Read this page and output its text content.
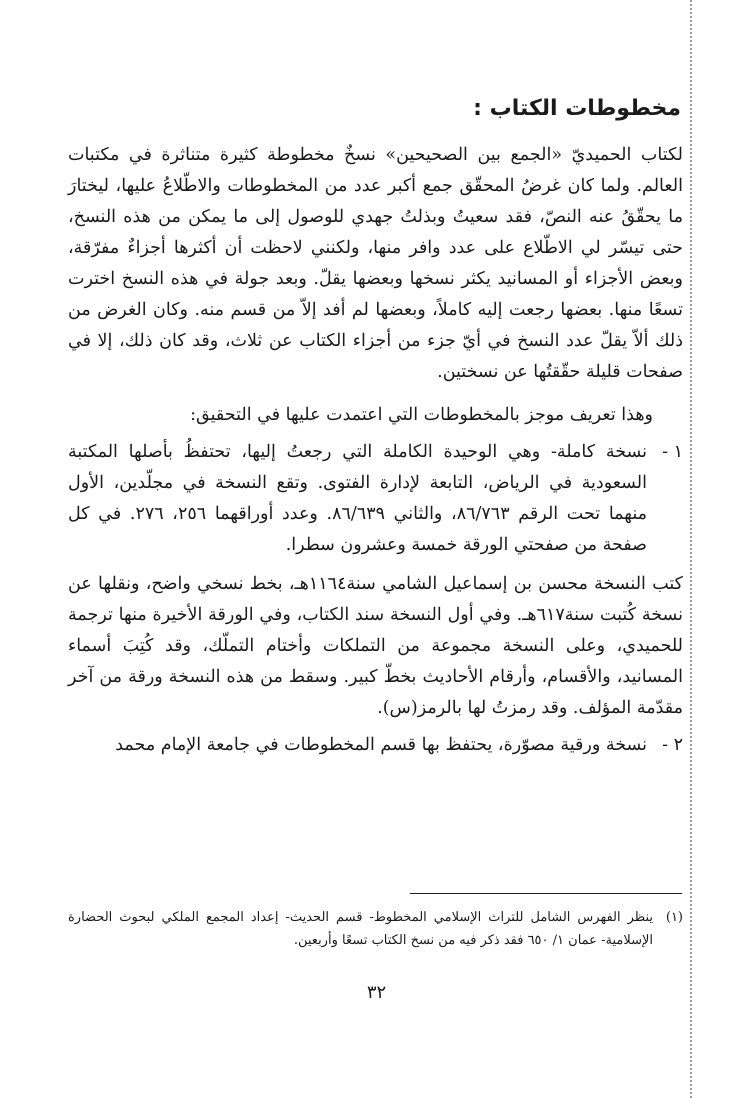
مخطوطات الكتاب :

لكتاب الحميديّ «الجمع بين الصحيحين» نسخٌ مخطوطة كثيرة متناثرة في مكتبات العالم. ولما كان غرضُ المحقّق جمع أكبر عدد من المخطوطات والاطّلاعُ عليها، ليختارَ ما يحقّقُ عنه النصّ، فقد سعيتُ وبذلتُ جهدي للوصول إلى ما يمكن من هذه النسخ، حتى تيسّر لي الاطّلاع على عدد وافر منها، ولكنني لاحظت أن أكثرها أجزاءٌ مفرّقة، وبعض الأجزاء أو المسانيد يكثر نسخها وبعضها يقلّ. وبعد جولة في هذه النسخ اخترت تسعًا منها. بعضها رجعت إليه كاملاً، وبعضها لم أفد إلاّ من قسم منه. وكان الغرض من ذلك ألاّ يقلّ عدد النسخ في أيّ جزء من أجزاء الكتاب عن ثلاث، وقد كان ذلك، إلا في صفحات قليلة حقّقتُها عن نسختين.

وهذا تعريف موجز بالمخطوطات التي اعتمدت عليها في التحقيق:

١ -
نسخة كاملة- وهي الوحيدة الكاملة التي رجعتُ إليها، تحتفظُ بأصلها المكتبة السعودية في الرياض، التابعة لإدارة الفتوى. وتقع النسخة في مجلّدين، الأول منهما تحت الرقم ٨٦/٧٦٣، والثاني ٨٦/٦٣٩. وعدد أوراقهما ٢٥٦، ٢٧٦. في كل صفحة من صفحتي الورقة خمسة وعشرون سطرا.

كتب النسخة محسن بن إسماعيل الشامي سنة١١٦٤هـ، بخط نسخي واضح، ونقلها عن نسخة كُتبت سنة٦١٧هـ. وفي أول النسخة سند الكتاب، وفي الورقة الأخيرة منها ترجمة للحميدي، وعلى النسخة مجموعة من التملكات وأختام التملّك، وقد كُتِبَ أسماء المسانيد، والأقسام، وأرقام الأحاديث بخطّ كبير. وسقط من هذه النسخة ورقة من آخر مقدّمة المؤلف. وقد رمزتُ لها بالرمز(س).

٢ -
نسخة ورقية مصوّرة، يحتفظ بها قسم المخطوطات في جامعة الإمام محمد
(١)
ينظر الفهرس الشامل للتراث الإسلامي المخطوط- قسم الحديث- إعداد المجمع الملكي لبحوث الحضارة الإسلامية- عمان ١/ ٦٥٠ فقد ذكر فيه من نسخ الكتاب تسعًا وأربعين.
٣٢
